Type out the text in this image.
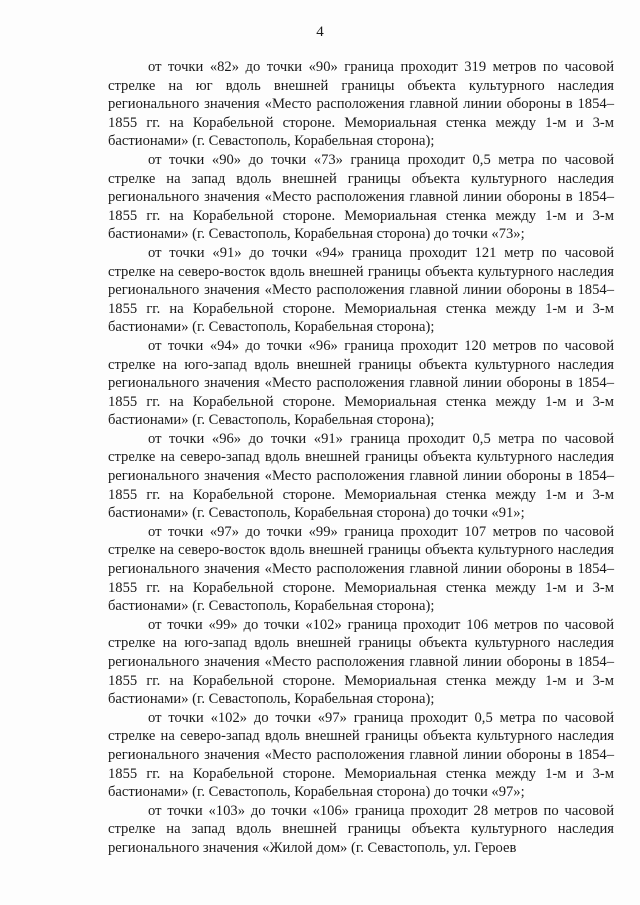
4

от точки «82» до точки «90» граница проходит 319 метров по часовой стрелке на юг вдоль внешней границы объекта культурного наследия регионального значения «Место расположения главной линии обороны в 1854–1855 гг. на Корабельной стороне. Мемориальная стенка между 1-м и 3-м бастионами» (г. Севастополь, Корабельная сторона);

от точки «90» до точки «73» граница проходит 0,5 метра по часовой стрелке на запад вдоль внешней границы объекта культурного наследия регионального значения «Место расположения главной линии обороны в 1854–1855 гг. на Корабельной стороне. Мемориальная стенка между 1-м и 3-м бастионами» (г. Севастополь, Корабельная сторона) до точки «73»;

от точки «91» до точки «94» граница проходит 121 метр по часовой стрелке на северо-восток вдоль внешней границы объекта культурного наследия регионального значения «Место расположения главной линии обороны в 1854–1855 гг. на Корабельной стороне. Мемориальная стенка между 1-м и 3-м бастионами» (г. Севастополь, Корабельная сторона);

от точки «94» до точки «96» граница проходит 120 метров по часовой стрелке на юго-запад вдоль внешней границы объекта культурного наследия регионального значения «Место расположения главной линии обороны в 1854–1855 гг. на Корабельной стороне. Мемориальная стенка между 1-м и 3-м бастионами» (г. Севастополь, Корабельная сторона);

от точки «96» до точки «91» граница проходит 0,5 метра по часовой стрелке на северо-запад вдоль внешней границы объекта культурного наследия регионального значения «Место расположения главной линии обороны в 1854–1855 гг. на Корабельной стороне. Мемориальная стенка между 1-м и 3-м бастионами» (г. Севастополь, Корабельная сторона) до точки «91»;

от точки «97» до точки «99» граница проходит 107 метров по часовой стрелке на северо-восток вдоль внешней границы объекта культурного наследия регионального значения «Место расположения главной линии обороны в 1854–1855 гг. на Корабельной стороне. Мемориальная стенка между 1-м и 3-м бастионами» (г. Севастополь, Корабельная сторона);

от точки «99» до точки «102» граница проходит 106 метров по часовой стрелке на юго-запад вдоль внешней границы объекта культурного наследия регионального значения «Место расположения главной линии обороны в 1854–1855 гг. на Корабельной стороне. Мемориальная стенка между 1-м и 3-м бастионами» (г. Севастополь, Корабельная сторона);

от точки «102» до точки «97» граница проходит 0,5 метра по часовой стрелке на северо-запад вдоль внешней границы объекта культурного наследия регионального значения «Место расположения главной линии обороны в 1854–1855 гг. на Корабельной стороне. Мемориальная стенка между 1-м и 3-м бастионами» (г. Севастополь, Корабельная сторона) до точки «97»;

от точки «103» до точки «106» граница проходит 28 метров по часовой стрелке на запад вдоль внешней границы объекта культурного наследия регионального значения «Жилой дом» (г. Севастополь, ул. Героев
